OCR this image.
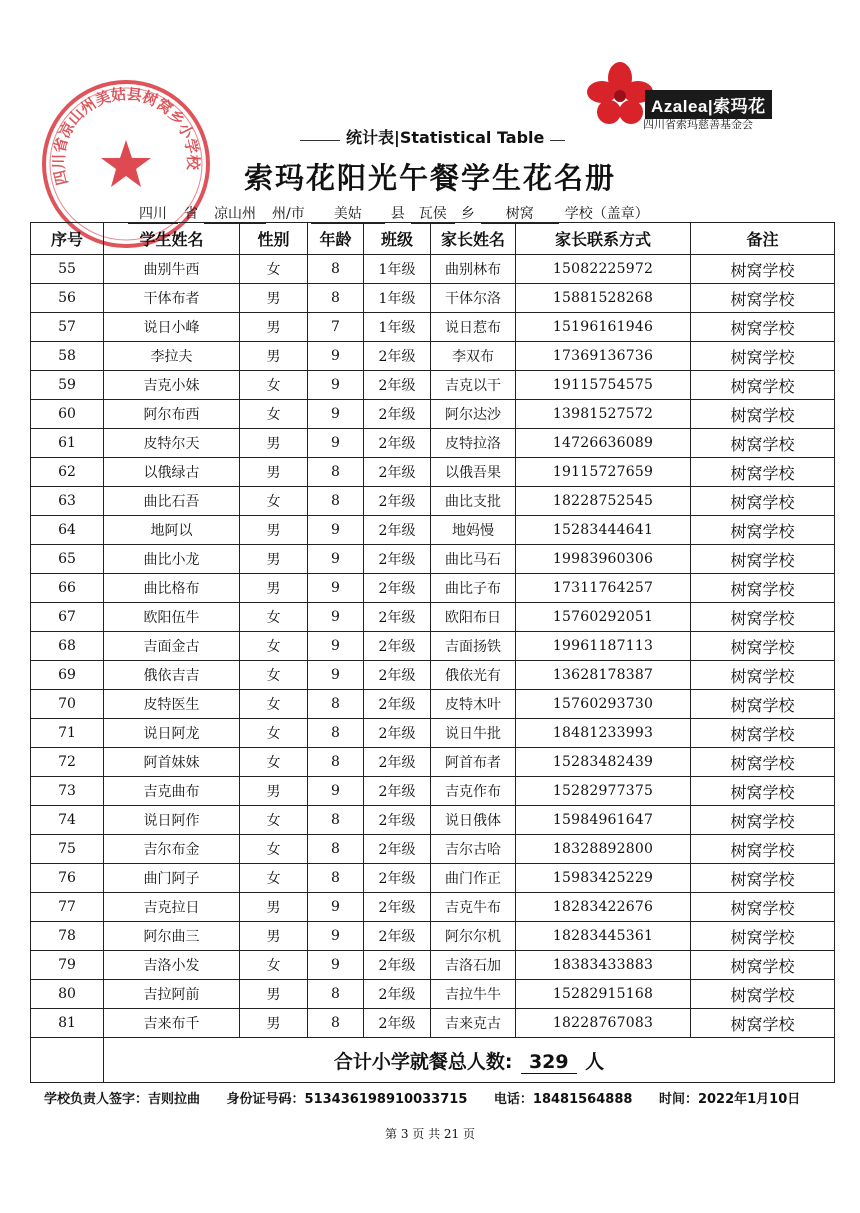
四川省凉山州美姑县树窝乡小学校
Azalea|索玛花
四川省索玛慈善基金会
统计表|Statistical Table
索玛花阳光午餐学生花名册
四川 省 凉山州 州/市 美姑 县 瓦侯 乡 树窝 学校（盖章）
序号	学生姓名	性别	年龄	班级	家长姓名	家长联系方式	备注
55	曲别牛西	女	8	1年级	曲别林布	15082225972	树窝学校
56	干体布者	男	8	1年级	干体尔洛	15881528268	树窝学校
57	说日小峰	男	7	1年级	说日惹布	15196161946	树窝学校
58	李拉夫	男	9	2年级	李双布	17369136736	树窝学校
59	吉克小妹	女	9	2年级	吉克以干	19115754575	树窝学校
60	阿尔布西	女	9	2年级	阿尔达沙	13981527572	树窝学校
61	皮特尔天	男	9	2年级	皮特拉洛	14726636089	树窝学校
62	以俄绿古	男	8	2年级	以俄吾果	19115727659	树窝学校
63	曲比石吾	女	8	2年级	曲比支批	18228752545	树窝学校
64	地阿以	男	9	2年级	地妈慢	15283444641	树窝学校
65	曲比小龙	男	9	2年级	曲比马石	19983960306	树窝学校
66	曲比格布	男	9	2年级	曲比子布	17311764257	树窝学校
67	欧阳伍牛	女	9	2年级	欧阳布日	15760292051	树窝学校
68	吉面金古	女	9	2年级	吉面扬铁	19961187113	树窝学校
69	俄依吉吉	女	9	2年级	俄依光有	13628178387	树窝学校
70	皮特医生	女	8	2年级	皮特木叶	15760293730	树窝学校
71	说日阿龙	女	8	2年级	说日牛批	18481233993	树窝学校
72	阿首妹妹	女	8	2年级	阿首布者	15283482439	树窝学校
73	吉克曲布	男	9	2年级	吉克作布	15282977375	树窝学校
74	说日阿作	女	8	2年级	说日俄体	15984961647	树窝学校
75	吉尔布金	女	8	2年级	吉尔古哈	18328892800	树窝学校
76	曲门阿子	女	8	2年级	曲门作正	15983425229	树窝学校
77	吉克拉日	男	9	2年级	吉克牛布	18283422676	树窝学校
78	阿尔曲三	男	9	2年级	阿尔尔机	18283445361	树窝学校
79	吉洛小发	女	9	2年级	吉洛石加	18383433883	树窝学校
80	吉拉阿前	男	8	2年级	吉拉牛牛	15282915168	树窝学校
81	吉来布千	男	8	2年级	吉来克古	18228767083	树窝学校
	合计小学就餐总人数: 329 人						
学校负责人签字：吉则拉曲 身份证号码：513436198910033715 电话：18481564888 时间：2022年1月10日
第 3 页 共 21 页
